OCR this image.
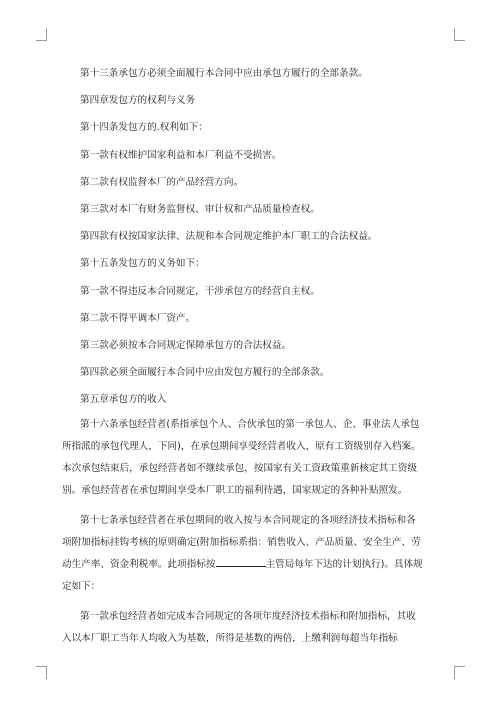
第十三条承包方必须全面履行本合同中应由承包方履行的全部条款。

第四章发包方的权利与义务

第十四条发包方的.权利如下：

第一款有权维护国家利益和本厂利益不受损害。

第二款有权监督本厂的产品经营方向。

第三款对本厂有财务监督权、审计权和产品质量检查权。

第四款有权按国家法律、法规和本合同规定维护本厂职工的合法权益。

第十五条发包方的义务如下：

第一款不得违反本合同规定，干涉承包方的经营自主权。

第二款不得平调本厂资产。

第三款必须按本合同规定保障承包方的合法权益。

第四款必须全面履行本合同中应由发包方履行的全部条款。

第五章承包方的收入

第十六条承包经营者(系指承包个人、合伙承包的第一承包人、企、事业法人承包
所指派的承包代理人，下同)，在承包期间享受经营者收入，原有工资级别存入档案。
本次承包结束后，承包经营者如不继续承包，按国家有关工资政策重新核定其工资级
别。承包经营者在承包期间享受本厂职工的福利待遇，国家规定的各种补贴照发。
第十七条承包经营者在承包期间的收入按与本合同规定的各项经济技术指标和各
项附加指标挂钩考核的原则确定(附加指标系指：销售收入、产品质量、安全生产、劳
动生产率、资金利税率。此项指标按	主管局每年下达的计划执行)。具体规
定如下：
第一款承包经营者如完成本合同规定的各项年度经济技术指标和附加指标，其收
入以本厂职工当年人均收入为基数，所得是基数的两倍，上缴利润每超当年指标
